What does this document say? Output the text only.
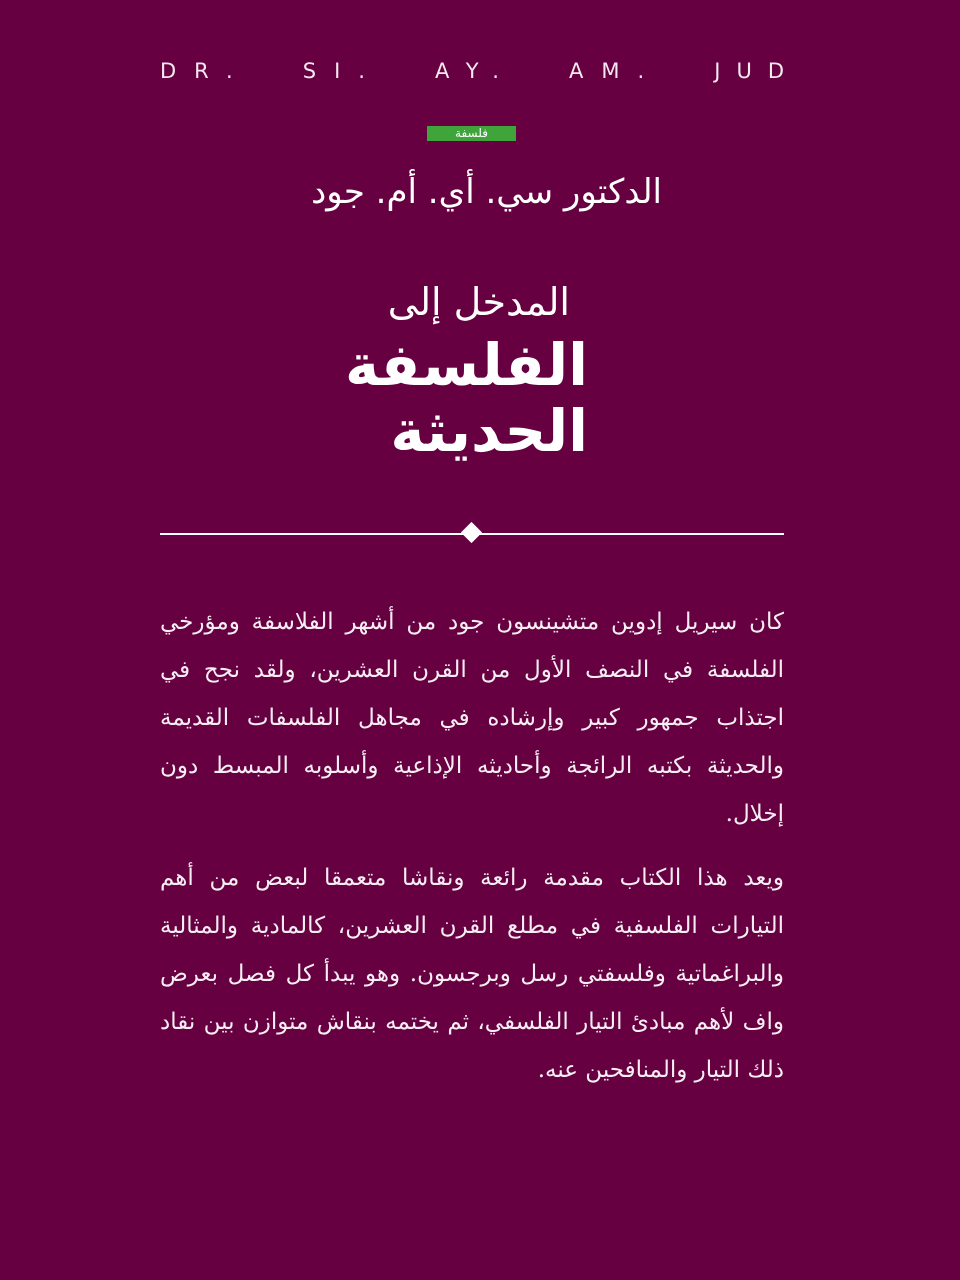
DR. SI. AY. AM. JUD
فلسفة
الدكتور سي. أي. أم. جود
المدخل إلى
الفلسفة
الحديثة

كان سيريل إدوين متشينسون جود من أشهر الفلاسفة ومؤرخي الفلسفة في النصف الأول من القرن العشرين، ولقد نجح في اجتذاب جمهور كبير وإرشاده في مجاهل الفلسفات القديمة والحديثة بكتبه الرائجة وأحاديثه الإذاعية وأسلوبه المبسط دون إخلال.

ويعد هذا الكتاب مقدمة رائعة ونقاشا متعمقا لبعض من أهم التيارات الفلسفية في مطلع القرن العشرين، كالمادية والمثالية والبراغماتية وفلسفتي رسل وبرجسون. وهو يبدأ كل فصل بعرض واف لأهم مبادئ التيار الفلسفي، ثم يختمه بنقاش متوازن بين نقاد ذلك التيار والمنافحين عنه.
